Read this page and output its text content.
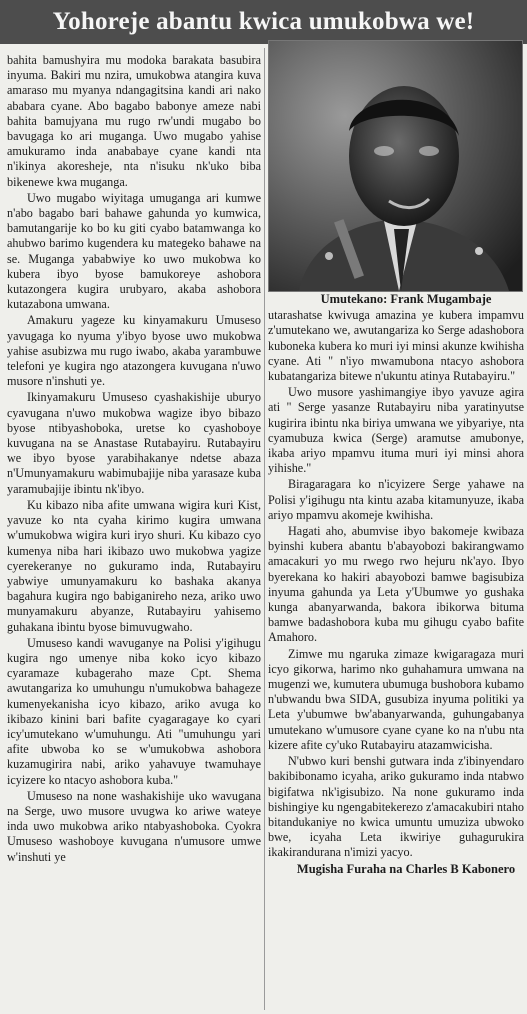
Yohoreje abantu kwica umukobwa we!

bahita bamushyira mu modoka barakata basubira inyuma. Bakiri mu nzira, umukobwa atangira kuva amaraso mu myanya ndangagitsina kandi ari nako ababara cyane. Abo bagabo babonye ameze nabi bahita bamujyana mu rugo rw'undi mugabo bo bavugaga ko ari muganga. Uwo mugabo yahise amukuramo inda anababaye cyane kandi nta n'ikinya akoresheje, nta n'isuku nk'uko biba bikenewe kwa muganga.

Uwo mugabo wiyitaga umuganga ari kumwe n'abo bagabo bari bahawe gahunda yo kumwica, bamutangarije ko bo ku giti cyabo batamwanga ko ahubwo barimo kugendera ku mategeko bahawe na se. Muganga yababwiye ko uwo mukobwa ko kubera ibyo byose bamukoreye ashobora kutazongera kugira urubyaro, akaba ashobora kutazabona umwana.

Amakuru yageze ku kinyamakuru Umuseso yavugaga ko nyuma y'ibyo byose uwo mukobwa yahise asubizwa mu rugo iwabo, akaba yarambuwe telefoni ye kugira ngo atazongera kuvugana n'uwo musore n'inshuti ye.

Ikinyamakuru Umuseso cyashakishije uburyo cyavugana n'uwo mukobwa wagize ibyo bibazo byose ntibyashoboka, uretse ko cyashoboye kuvugana na se Anastase Rutabayiru. Rutabayiru we ibyo byose yarabihakanye ndetse abaza n'Umunyamakuru wabimubajije niba yarasaze kuba yaramubajije ibintu nk'ibyo.

Ku kibazo niba afite umwana wigira kuri Kist, yavuze ko nta cyaha kirimo kugira umwana w'umukobwa wigira kuri iryo shuri. Ku kibazo cyo kumenya niba hari ikibazo uwo mukobwa yagize cyerekeranye no gukuramo inda, Rutabayiru yabwiye umunyamakuru ko bashaka akanya bagahura kugira ngo babiganireho neza, ariko uwo munyamakuru abyanze, Rutabayiru yahisemo guhakana ibintu byose bimuvugwaho.

Umuseso kandi wavuganye na Polisi y'igihugu kugira ngo umenye niba koko icyo kibazo cyaramaze kubageraho maze Cpt. Shema awutangariza ko umuhungu n'umukobwa bahageze kumenyekanisha icyo kibazo, ariko avuga ko ikibazo kinini bari bafite cyagaragaye ko cyari icy'umutekano w'umuhungu. Ati "umuhungu yari afite ubwoba ko se w'umukobwa ashobora kuzamugirira nabi, ariko yahavuye twamuhaye icyizere ko ntacyo ashobora kuba."

Umuseso na none washakishije uko wavugana na Serge, uwo musore uvugwa ko ariwe wateye inda uwo mukobwa ariko ntabyashoboka. Cyokra Umuseso washoboye kuvugana n'umusore umwe w'inshuti ye

Umutekano: Frank Mugambaje

utarashatse kwivuga amazina ye kubera impamvu z'umutekano we, awutangariza ko Serge adashobora kuboneka kubera ko muri iyi minsi akunze kwihisha cyane. Ati " n'iyo mwamubona ntacyo ashobora kubatangariza bitewe n'ukuntu atinya Rutabayiru."

Uwo musore yashimangiye ibyo yavuze agira ati " Serge yasanze Rutabayiru niba yaratinyutse kugirira ibintu nka biriya umwana we yibyariye, nta cyamubuza kwica (Serge) aramutse amubonye, ikaba ariyo mpamvu ituma muri iyi minsi ahora yihishe."

Biragaragara ko n'icyizere Serge yahawe na Polisi y'igihugu nta kintu azaba kitamunyuze, ikaba ariyo mpamvu akomeje kwihisha.

Hagati aho, abumvise ibyo bakomeje kwibaza byinshi kubera abantu b'abayobozi bakirangwamo amacakuri yo mu rwego rwo hejuru nk'ayo. Ibyo byerekana ko hakiri abayobozi bamwe bagisubiza inyuma gahunda ya Leta y'Ubumwe yo gushaka kunga abanyarwanda, bakora ibikorwa bituma bamwe badashobora kuba mu gihugu cyabo bafite Amahoro.

Zimwe mu ngaruka zimaze kwigaragaza muri icyo gikorwa, harimo nko guhahamura umwana na mugenzi we, kumutera ubumuga bushobora kubamo n'ubwandu bwa SIDA, gusubiza inyuma politiki ya Leta y'ubumwe bw'abanyarwanda, guhungabanya umutekano w'umusore cyane cyane ko na n'ubu nta kizere afite cy'uko Rutabayiru atazamwicisha.

N'ubwo kuri benshi gutwara inda z'ibinyendaro bakibibonamo icyaha, ariko gukuramo inda ntabwo bigifatwa nk'igisubizo. Na none gukuramo inda bishingiye ku ngengabitekerezo z'amacakubiri ntaho bitandukaniye no kwica umuntu umuziza ubwoko bwe, icyaha Leta ikwiriye guhagurukira ikakirandurana n'imizi yacyo.

Mugisha Furaha na Charles B Kabonero
